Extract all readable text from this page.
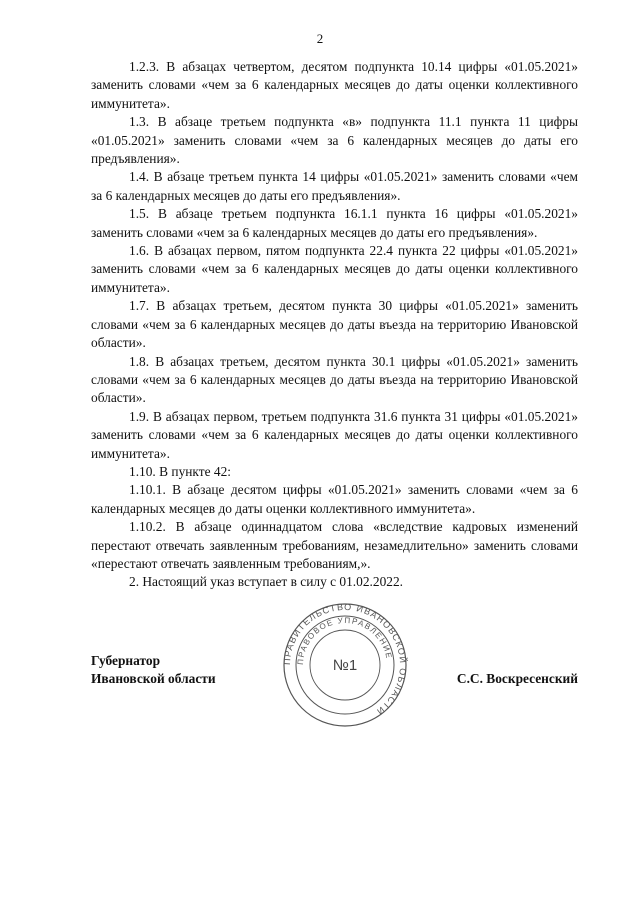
2

1.2.3. В абзацах четвертом, десятом подпункта 10.14 цифры «01.05.2021» заменить словами «чем за 6 календарных месяцев до даты оценки коллективного иммунитета».

1.3. В абзаце третьем подпункта «в» подпункта 11.1 пункта 11 цифры «01.05.2021» заменить словами «чем за 6 календарных месяцев до даты его предъявления».

1.4. В абзаце третьем пункта 14 цифры «01.05.2021» заменить словами «чем за 6 календарных месяцев до даты его предъявления».

1.5. В абзаце третьем подпункта 16.1.1 пункта 16 цифры «01.05.2021» заменить словами «чем за 6 календарных месяцев до даты его предъявления».

1.6. В абзацах первом, пятом подпункта 22.4 пункта 22 цифры «01.05.2021» заменить словами «чем за 6 календарных месяцев до даты оценки коллективного иммунитета».

1.7. В абзацах третьем, десятом пункта 30 цифры «01.05.2021» заменить словами «чем за 6 календарных месяцев до даты въезда на территорию Ивановской области».

1.8. В абзацах третьем, десятом пункта 30.1 цифры «01.05.2021» заменить словами «чем за 6 календарных месяцев до даты въезда на территорию Ивановской области».

1.9. В абзацах первом, третьем подпункта 31.6 пункта 31 цифры «01.05.2021» заменить словами «чем за 6 календарных месяцев до даты оценки коллективного иммунитета».

1.10. В пункте 42:

1.10.1. В абзаце десятом цифры «01.05.2021» заменить словами «чем за 6 календарных месяцев до даты оценки коллективного иммунитета».

1.10.2. В абзаце одиннадцатом слова «вследствие кадровых изменений перестают отвечать заявленным требованиям, незамедлительно» заменить словами «перестают отвечать заявленным требованиям,».

2. Настоящий указ вступает в силу с 01.02.2022.

Губернатор
Ивановской области	С.С. Воскресенский
ПРАВИТЕЛЬСТВО ИВАНОВСКОЙ ОБЛАСТИ
ПРАВОВОЕ УПРАВЛЕНИЕ
№1
